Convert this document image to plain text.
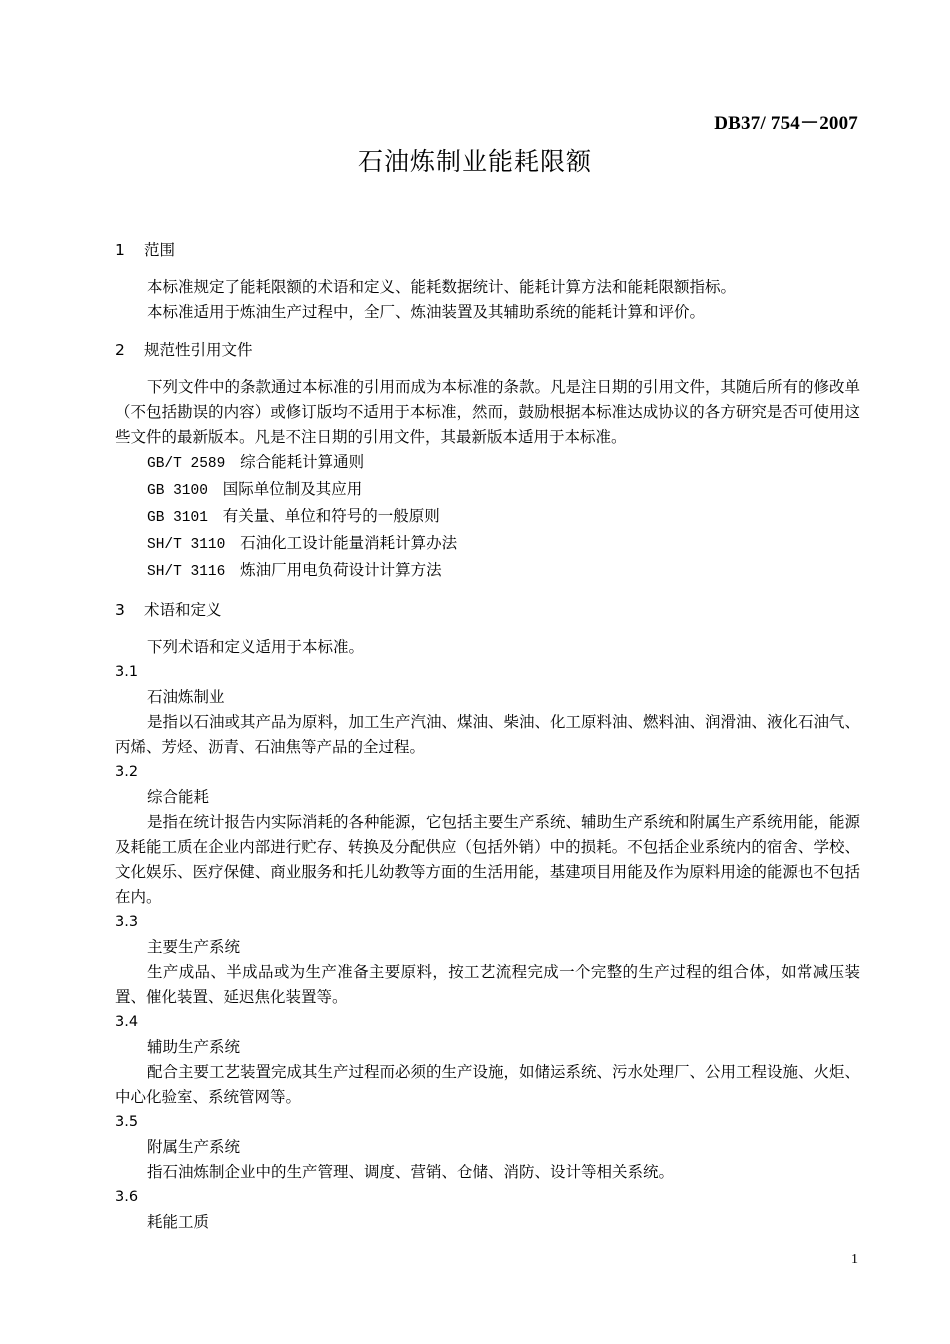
DB37/ 754－2007
石油炼制业能耗限额
1 范围
本标准规定了能耗限额的术语和定义、能耗数据统计、能耗计算方法和能耗限额指标。
本标准适用于炼油生产过程中，全厂、炼油装置及其辅助系统的能耗计算和评价。
2 规范性引用文件
下列文件中的条款通过本标准的引用而成为本标准的条款。凡是注日期的引用文件，其随后所有的修改单（不包括勘误的内容）或修订版均不适用于本标准，然而，鼓励根据本标准达成协议的各方研究是否可使用这些文件的最新版本。凡是不注日期的引用文件，其最新版本适用于本标准。
GB/T 2589 综合能耗计算通则
GB 3100 国际单位制及其应用
GB 3101 有关量、单位和符号的一般原则
SH/T 3110 石油化工设计能量消耗计算办法
SH/T 3116 炼油厂用电负荷设计计算方法
3 术语和定义
下列术语和定义适用于本标准。
3.1
石油炼制业
是指以石油或其产品为原料，加工生产汽油、煤油、柴油、化工原料油、燃料油、润滑油、液化石油气、丙烯、芳烃、沥青、石油焦等产品的全过程。
3.2
综合能耗
是指在统计报告内实际消耗的各种能源，它包括主要生产系统、辅助生产系统和附属生产系统用能，能源及耗能工质在企业内部进行贮存、转换及分配供应（包括外销）中的损耗。不包括企业系统内的宿舍、学校、文化娱乐、医疗保健、商业服务和托儿幼教等方面的生活用能，基建项目用能及作为原料用途的能源也不包括在内。
3.3
主要生产系统
生产成品、半成品或为生产准备主要原料，按工艺流程完成一个完整的生产过程的组合体，如常减压装置、催化装置、延迟焦化装置等。
3.4
辅助生产系统
配合主要工艺装置完成其生产过程而必须的生产设施，如储运系统、污水处理厂、公用工程设施、火炬、中心化验室、系统管网等。
3.5
附属生产系统
指石油炼制企业中的生产管理、调度、营销、仓储、消防、设计等相关系统。
3.6
耗能工质
1
